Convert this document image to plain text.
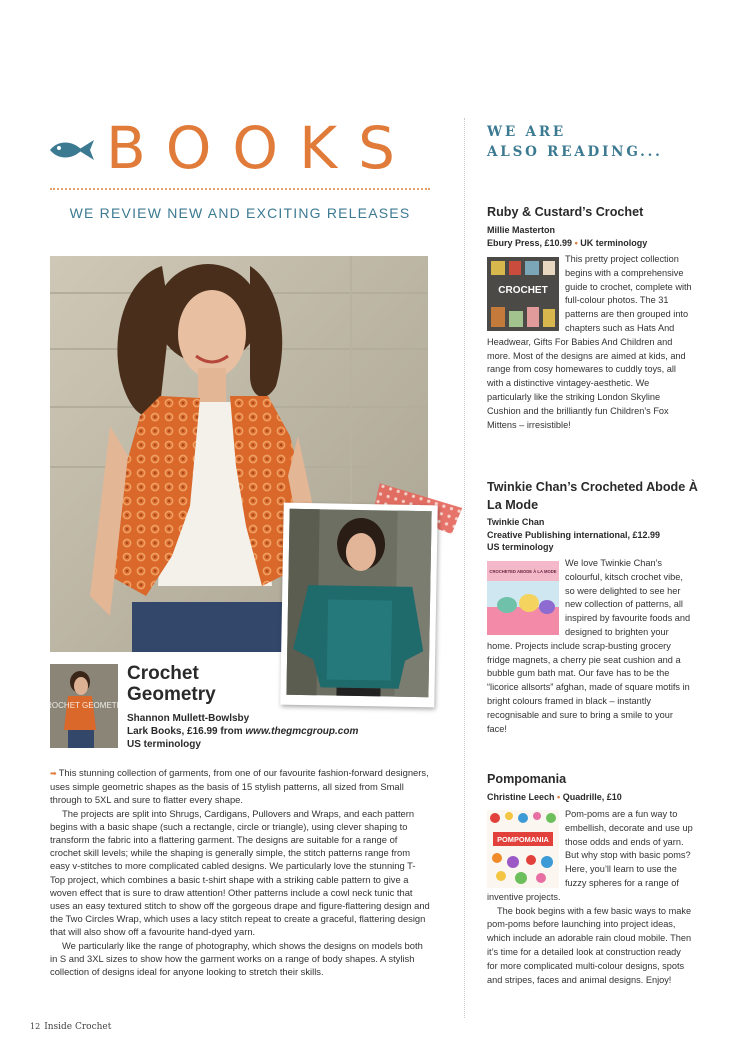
BOOKS
WE REVIEW NEW AND EXCITING RELEASES
CROCHET GEOMETRY
Crochet Geometry
Shannon Mullett-Bowlsby
Lark Books, £16.99 from www.thegmcgroup.com
US terminology

➡ This stunning collection of garments, from one of our favourite fashion-forward designers, uses simple geometric shapes as the basis of 15 stylish patterns, all sized from Small through to 5XL and sure to flatter every shape.

The projects are split into Shrugs, Cardigans, Pullovers and Wraps, and each pattern begins with a basic shape (such a rectangle, circle or triangle), using clever shaping to transform the fabric into a flattering garment. The designs are suitable for a range of crochet skill levels; while the shaping is generally simple, the stitch patterns range from easy v-stitches to more complicated cabled designs. We particularly love the stunning T-Top project, which combines a basic t-shirt shape with a striking cable pattern to give a woven effect that is sure to draw attention! Other patterns include a cowl neck tunic that uses an easy textured stitch to show off the gorgeous drape and figure-flattering design and the Two Circles Wrap, which uses a lacy stitch repeat to create a graceful, flattering design that will also show off a favourite hand-dyed yarn.

We particularly like the range of photography, which shows the designs on models both in S and 3XL sizes to show how the garment works on a range of body shapes. A stylish collection of designs ideal for anyone looking to stretch their skills.

12 Inside Crochet
WE ARE
ALSO READING...
Ruby & Custard’s Crochet
Millie Masterton
Ebury Press, £10.99 • UK terminology

This pretty project collection begins with a comprehensive guide to crochet, complete with full-colour photos. The 31 patterns are then grouped into chapters such as Hats And Headwear, Gifts For Babies And Children and more. Most of the designs are aimed at kids, and range from cosy homewares to cuddly toys, all with a distinctive vintagey-aesthetic. We particularly like the striking London Skyline Cushion and the brilliantly fun Children’s Fox Mittens – irresistible!

CROCHET
Twinkie Chan’s Crocheted Abode À La Mode
Twinkie Chan
Creative Publishing international, £12.99
US terminology

We love Twinkie Chan’s colourful, kitsch crochet vibe, so were delighted to see her new collection of patterns, all inspired by favourite foods and designed to brighten your home. Projects include scrap-busting grocery fridge magnets, a cherry pie seat cushion and a bubble gum bath mat. Our fave has to be the “licorice allsorts” afghan, made of square motifs in bright colours framed in black – instantly recognisable and sure to bring a smile to your face!

CROCHETED ABODE À LA MODE
Pompomania
Christine Leech • Quadrille, £10

Pom-poms are a fun way to embellish, decorate and use up those odds and ends of yarn. But why stop with basic poms? Here, you’ll learn to use the fuzzy spheres for a range of inventive projects.

The book begins with a few basic ways to make pom-poms before launching into project ideas, which include an adorable rain cloud mobile. Then it’s time for a detailed look at construction ready for more complicated multi-colour designs, spots and stripes, faces and animal designs. Enjoy!

POMPOMANIA
